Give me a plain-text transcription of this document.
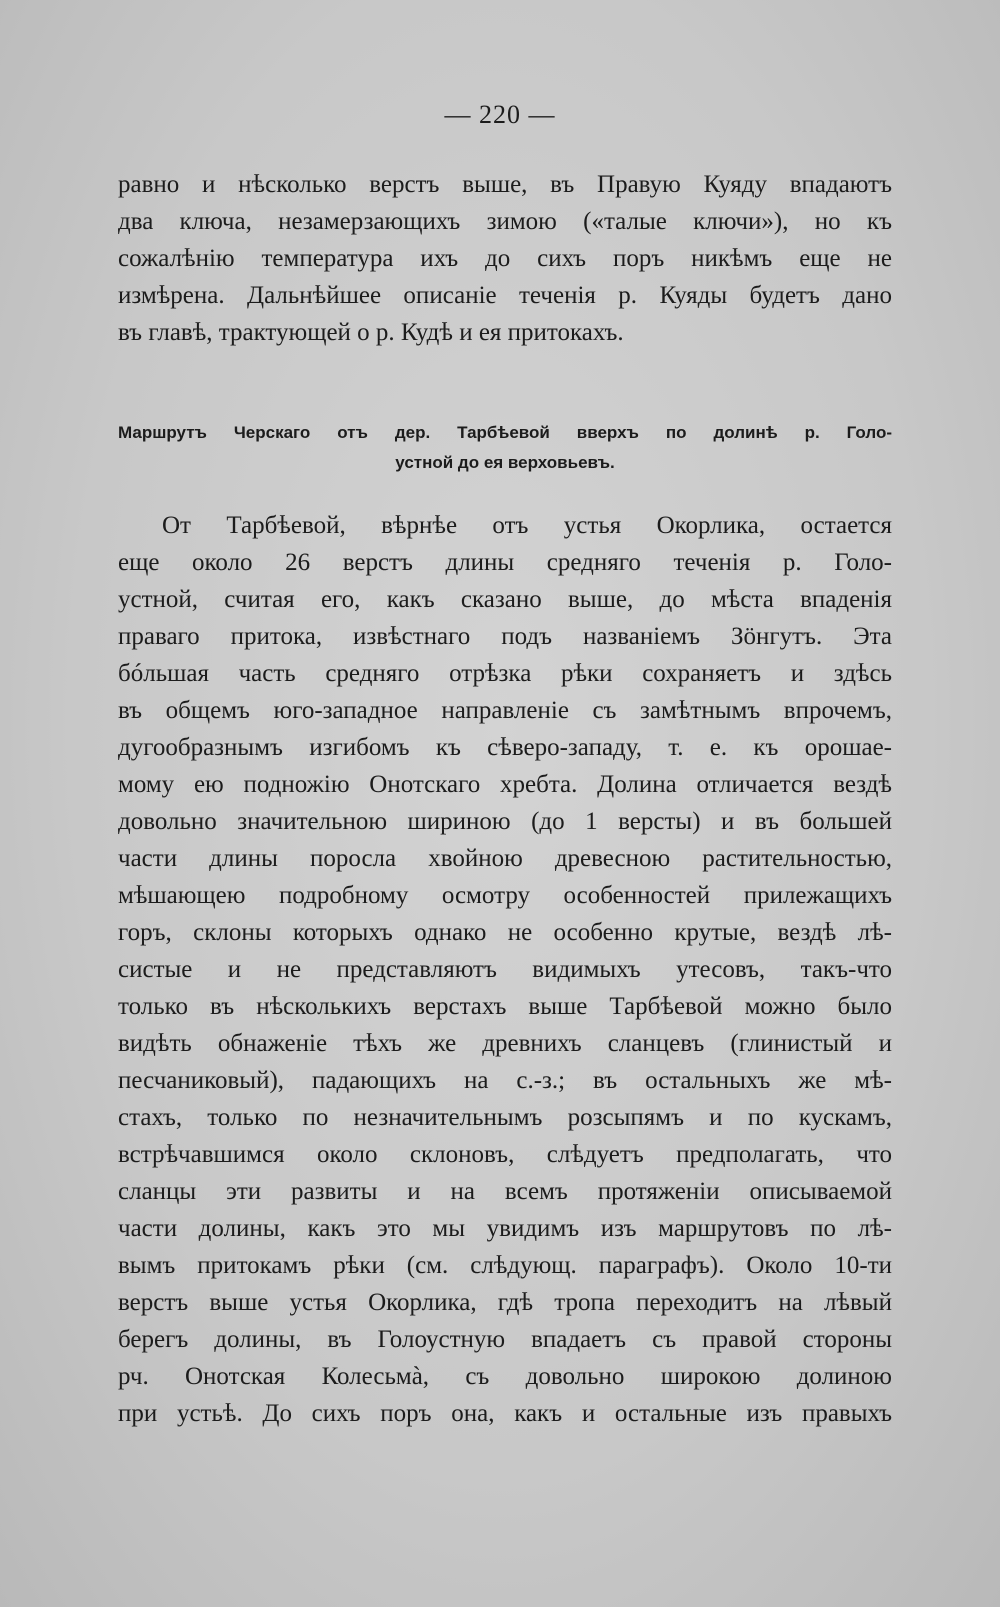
— 220 —
равно и нѣсколько верстъ выше, въ Правую Куяду впадаютъ
два ключа, незамерзающихъ зимою («талые ключи»), но къ
сожалѣнію температура ихъ до сихъ поръ никѣмъ еще не
измѣрена. Дальнѣйшее описаніе теченія р. Куяды будетъ дано
въ главѣ, трактующей о р. Кудѣ и ея притокахъ.
Маршрутъ Черскаго отъ дер. Тарбѣевой вверхъ по долинѣ р. Голо-
устной до ея верховьевъ.
От Тарбѣевой, вѣрнѣе отъ устья Окорлика, остается
еще около 26 верстъ длины средняго теченія р. Голо-
устной, считая его, какъ сказано выше, до мѣста впаденія
праваго притока, извѣстнаго подъ названіемъ Зöнгутъ. Эта
бóльшая часть средняго отрѣзка рѣки сохраняетъ и здѣсь
въ общемъ юго-западное направленіе съ замѣтнымъ впрочемъ,
дугообразнымъ изгибомъ къ сѣверо-западу, т. е. къ орошае-
мому ею подножію Онотскаго хребта. Долина отличается вездѣ
довольно значительною шириною (до 1 версты) и въ большей
части длины поросла хвойною древесною растительностью,
мѣшающею подробному осмотру особенностей прилежащихъ
горъ, склоны которыхъ однако не особенно крутые, вездѣ лѣ-
систые и не представляютъ видимыхъ утесовъ, такъ-что
только въ нѣсколькихъ верстахъ выше Тарбѣевой можно было
видѣть обнаженіе тѣхъ же древнихъ сланцевъ (глинистый и
песчаниковый), падающихъ на с.-з.; въ остальныхъ же мѣ-
стахъ, только по незначительнымъ розсыпямъ и по кускамъ,
встрѣчавшимся около склоновъ, слѣдуетъ предполагать, что
сланцы эти развиты и на всемъ протяженіи описываемой
части долины, какъ это мы увидимъ изъ маршрутовъ по лѣ-
вымъ притокамъ рѣки (см. слѣдующ. параграфъ). Около 10-ти
верстъ выше устья Окорлика, гдѣ тропа переходитъ на лѣвый
берегъ долины, въ Голоустную впадаетъ съ правой стороны
рч. Онотская Колесьмà, съ довольно широкою долиною
при устьѣ. До сихъ поръ она, какъ и остальные изъ правыхъ
